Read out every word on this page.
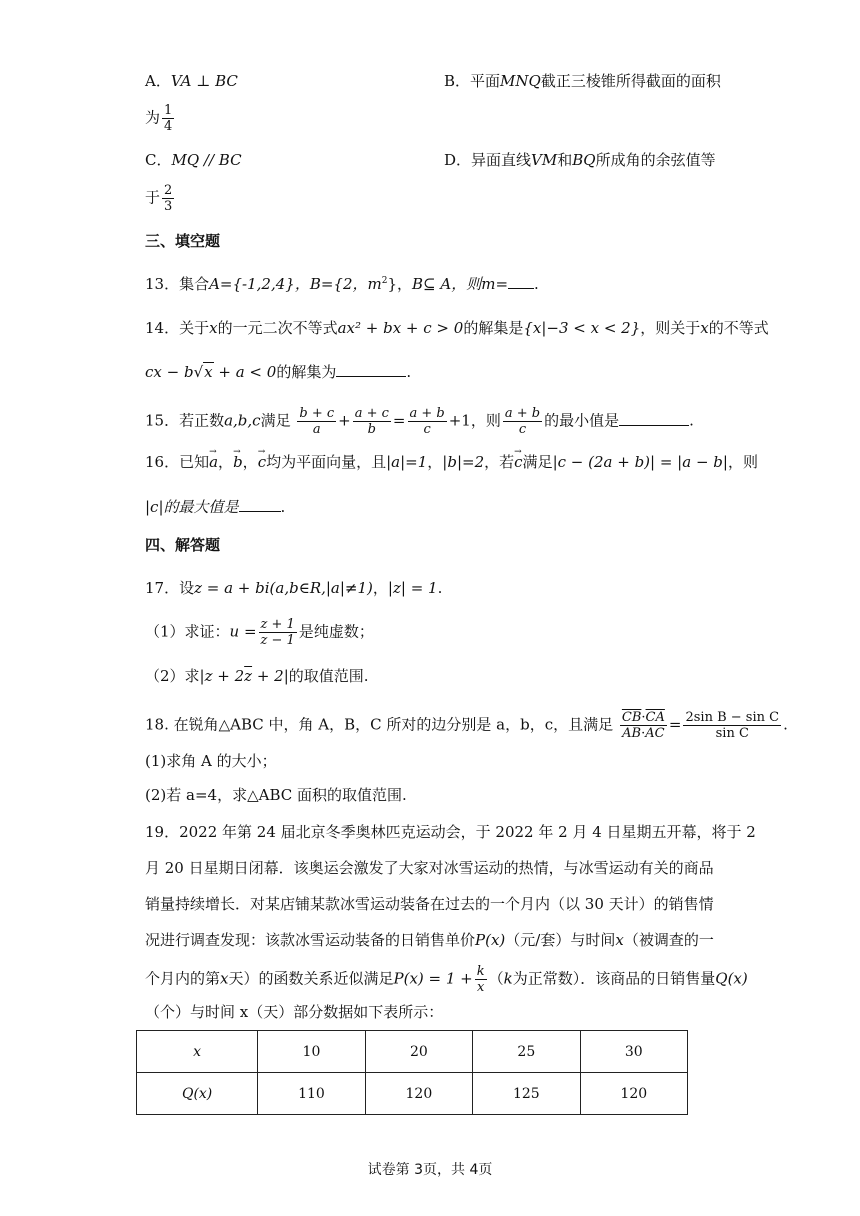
A．VA ⊥ BC	B．平面MNQ截正三棱锥所得截面的面积
为 $\frac{1}{4}$
C．MQ // BC	D．异面直线VM和BQ所成角的余弦值等
于 $\frac{2}{3}$
三、填空题
13．集合A={-1,2,4}，B={2，$m^2$}，B⊆ A，则m= .
14．关于x的一元二次不等式ax² + bx + c > 0的解集是{x|−3 < x < 2}，则关于x的不等式
cx − b√x + a < 0的解集为	.
15．若正数a,b,c满足 $\frac{b + c}{a} + \frac{a + c}{b} = \frac{a + b}{c} +1$，则 $\frac{a + b}{c}$ 的最小值是	.
16．已知→ a，→ b，→ c均为平面向量，且|a|=1，|b|=2，若→ c满足|c − (2a + b)| = |a − b|，则
|c|的最大值是	.
四、解答题
17．设z = a + bi(a,b∈R,|a|≠1)，|z| = 1.
（1）求证：$u = \frac{z + 1}{z - 1}$ 是纯虚数；
（2）求$|z + 2\overline{z} + 2|$的取值范围.
18. 在锐角△ABC 中，角 A，B，C 所对的边分别是 a，b，c，且满足 $\frac{\overline{CB}\cdot\overline{CA}}{\overline{AB}\cdot\overline{AC}} = \frac{\text{2sin B − sin C}}{\text{sin C}}$ .
(1)求角 A 的大小；
(2)若 a=4，求△ABC 面积的取值范围.
19．2022 年第 24 届北京冬季奥林匹克运动会，于 2022 年 2 月 4 日星期五开幕，将于 2
月 20 日星期日闭幕．该奥运会激发了大家对冰雪运动的热情，与冰雪运动有关的商品
销量持续增长．对某店铺某款冰雪运动装备在过去的一个月内（以 30 天计）的销售情
况进行调查发现：该款冰雪运动装备的日销售单价P(x)（元/套）与时间x（被调查的一
个月内的第x天）的函数关系近似满足$P(x) = 1 + \frac{k}{x} (k$为正常数）．该商品的日销售量Q(x)
（个）与时间 x（天）部分数据如下表所示：
x	10	20	25	30
Q(x)	110	120	125	120
试卷第 3页，共 4页
